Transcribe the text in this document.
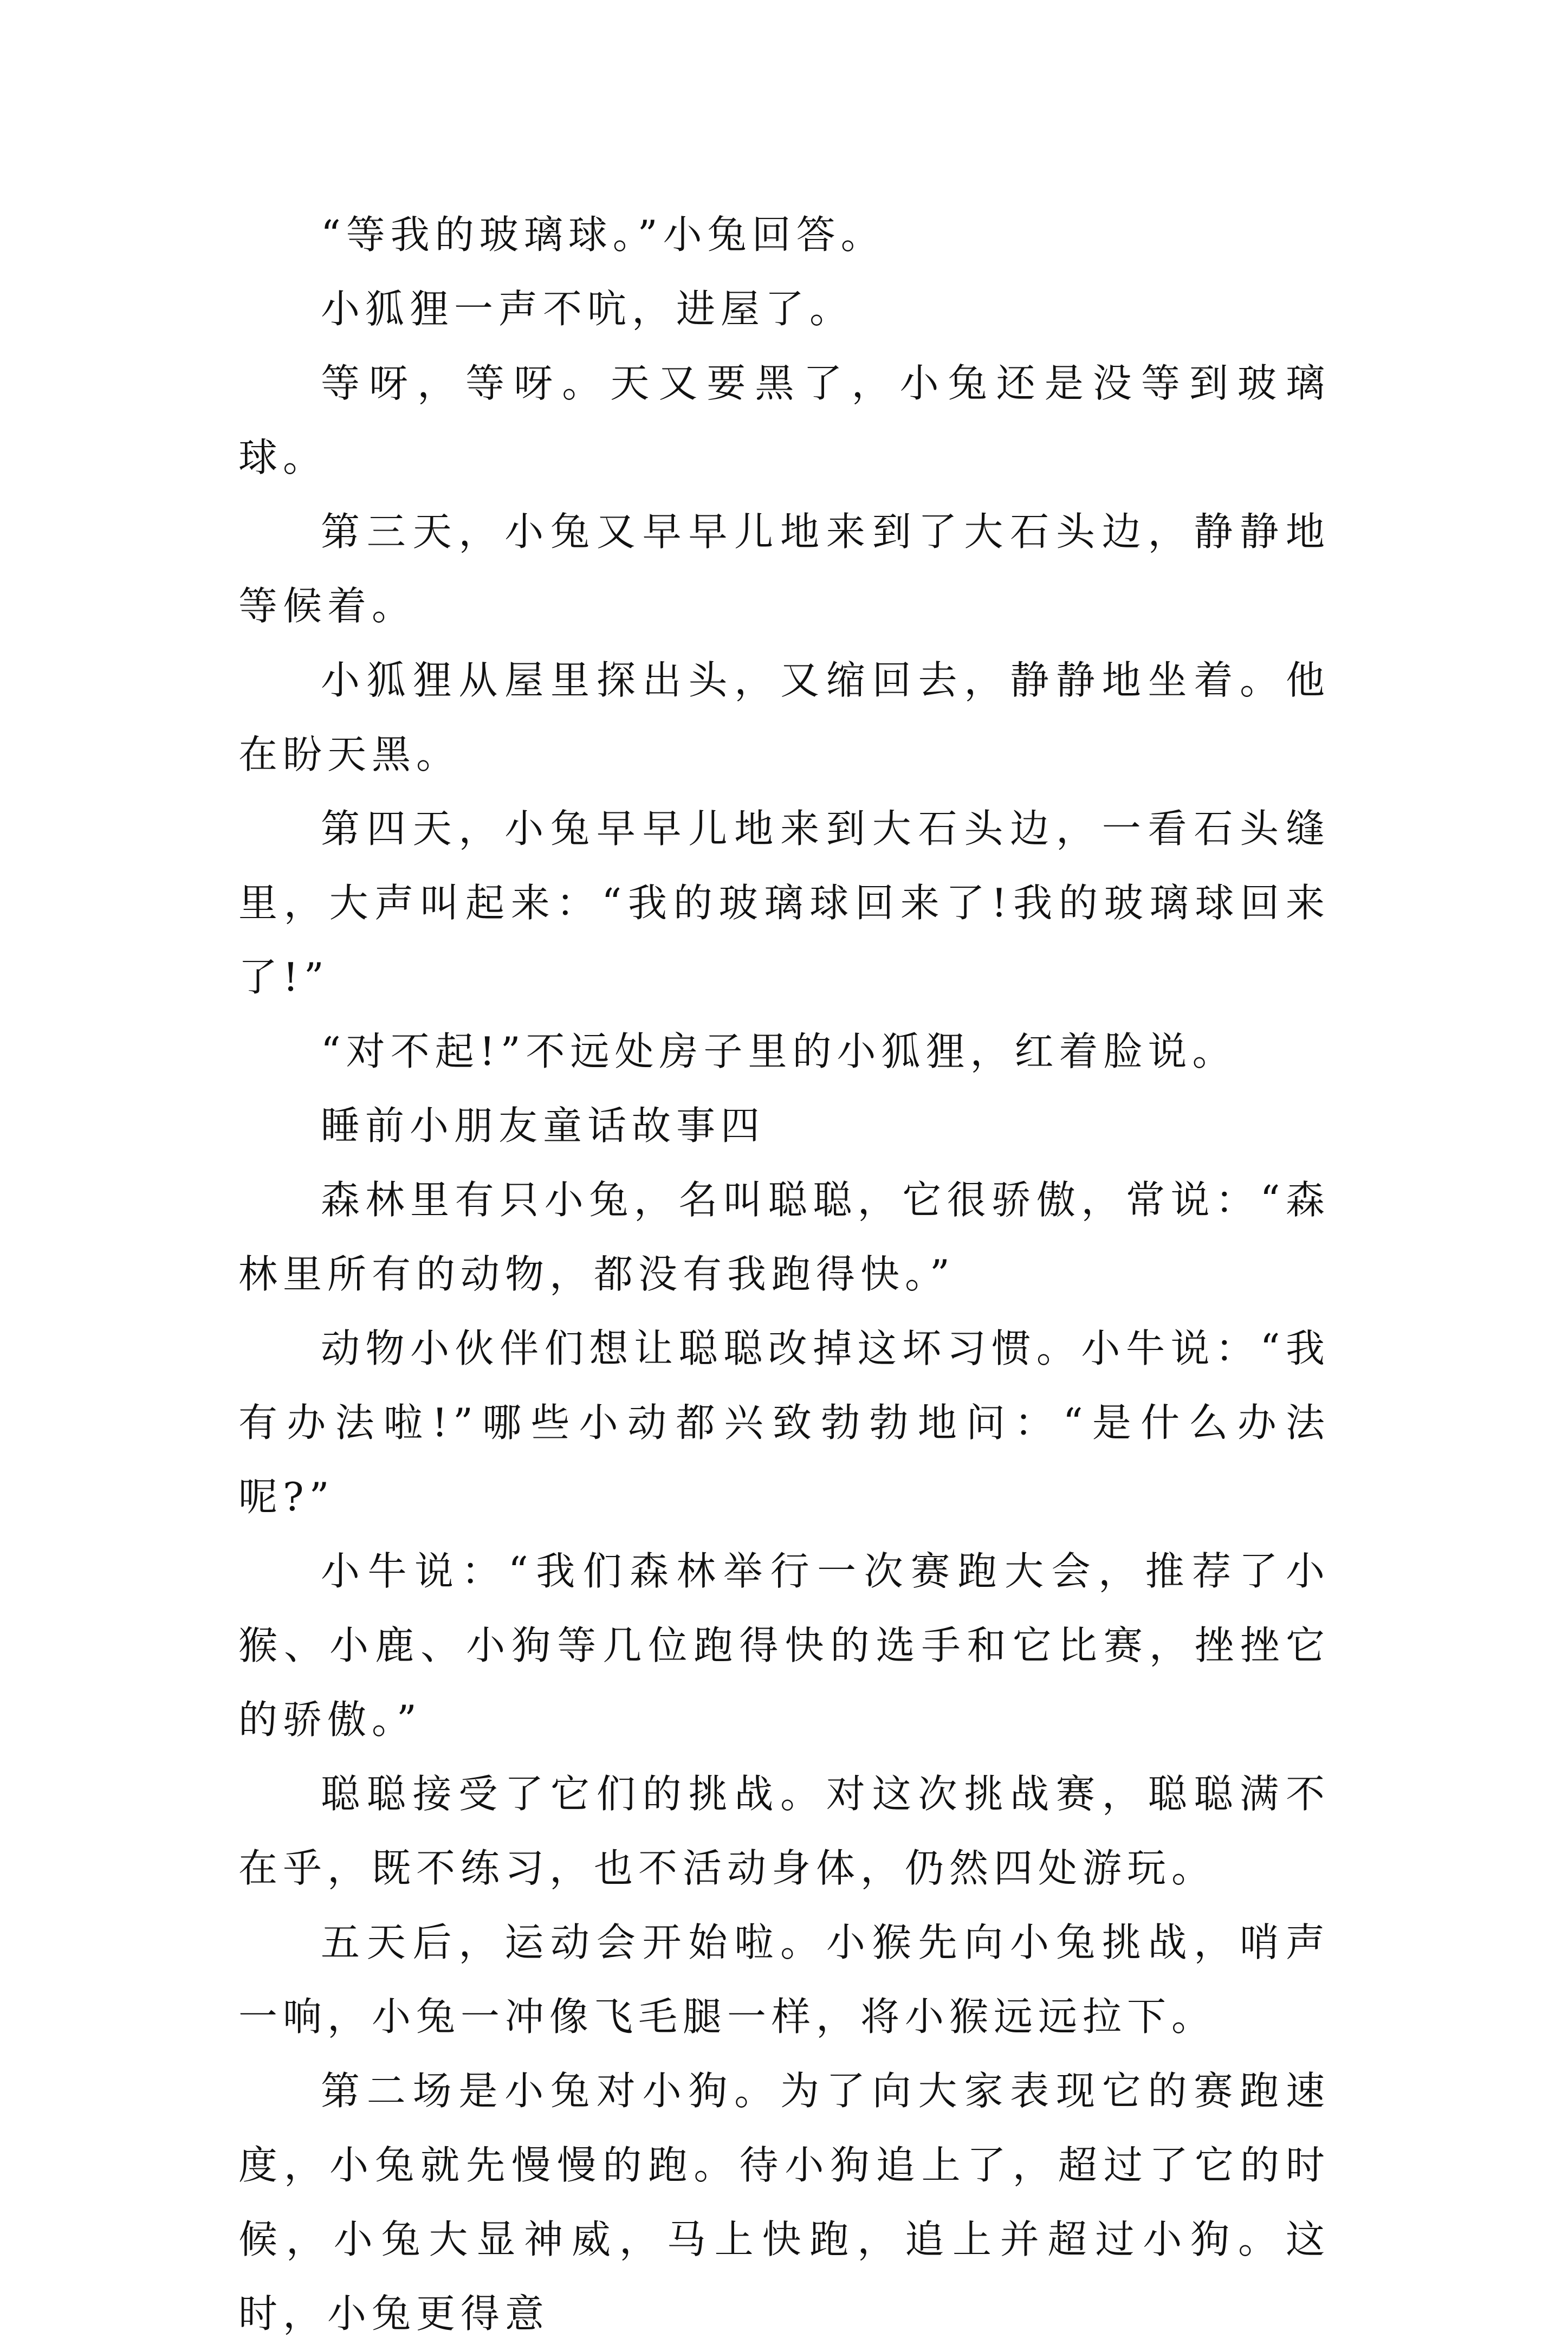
“等我的玻璃球。”小兔回答。

小狐狸一声不吭，进屋了。

等呀，等呀。天又要黑了，小兔还是没等到玻璃球。

第三天，小兔又早早儿地来到了大石头边，静静地等候着。

小狐狸从屋里探出头，又缩回去，静静地坐着。他在盼天黑。

第四天，小兔早早儿地来到大石头边，一看石头缝里，大声叫起来：“我的玻璃球回来了!我的玻璃球回来了!”

“对不起!”不远处房子里的小狐狸，红着脸说。

睡前小朋友童话故事四

森林里有只小兔，名叫聪聪，它很骄傲，常说：“森林里所有的动物，都没有我跑得快。”

动物小伙伴们想让聪聪改掉这坏习惯。小牛说：“我有办法啦!”哪些小动都兴致勃勃地问：“是什么办法呢?”

小牛说：“我们森林举行一次赛跑大会，推荐了小猴、小鹿、小狗等几位跑得快的选手和它比赛，挫挫它的骄傲。”

聪聪接受了它们的挑战。对这次挑战赛，聪聪满不在乎，既不练习，也不活动身体，仍然四处游玩。

五天后，运动会开始啦。小猴先向小兔挑战，哨声一响，小兔一冲像飞毛腿一样，将小猴远远拉下。

第二场是小兔对小狗。为了向大家表现它的赛跑速度，小兔就先慢慢的跑。待小狗追上了，超过了它的时候，小兔大显神威，马上快跑，追上并超过小狗。这时，小兔更得意
